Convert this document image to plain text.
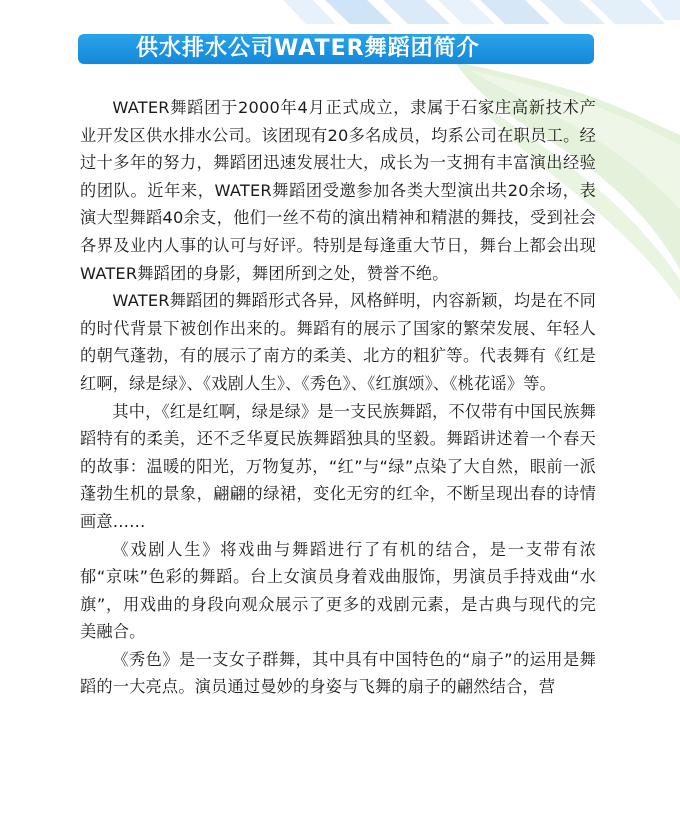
供水排水公司WATER舞蹈团简介

WATER舞蹈团于2000年4月正式成立，隶属于石家庄高新技术产业开发区供水排水公司。该团现有20多名成员，均系公司在职员工。经过十多年的努力，舞蹈团迅速发展壮大，成长为一支拥有丰富演出经验的团队。近年来，WATER舞蹈团受邀参加各类大型演出共20余场，表演大型舞蹈40余支，他们一丝不苟的演出精神和精湛的舞技，受到社会各界及业内人事的认可与好评。特别是每逢重大节日，舞台上都会出现WATER舞蹈团的身影，舞团所到之处，赞誉不绝。

WATER舞蹈团的舞蹈形式各异，风格鲜明，内容新颖，均是在不同的时代背景下被创作出来的。舞蹈有的展示了国家的繁荣发展、年轻人的朝气蓬勃，有的展示了南方的柔美、北方的粗犷等。代表舞有《红是红啊，绿是绿》、《戏剧人生》、《秀色》、《红旗颂》、《桃花谣》等。

其中，《红是红啊，绿是绿》是一支民族舞蹈，不仅带有中国民族舞蹈特有的柔美，还不乏华夏民族舞蹈独具的坚毅。舞蹈讲述着一个春天的故事：温暖的阳光，万物复苏，“红”与“绿”点染了大自然，眼前一派蓬勃生机的景象，翩翩的绿裙，变化无穷的红伞，不断呈现出春的诗情画意……

《戏剧人生》将戏曲与舞蹈进行了有机的结合，是一支带有浓郁“京味”色彩的舞蹈。台上女演员身着戏曲服饰，男演员手持戏曲“水旗”，用戏曲的身段向观众展示了更多的戏剧元素，是古典与现代的完美融合。

《秀色》是一支女子群舞，其中具有中国特色的“扇子”的运用是舞蹈的一大亮点。演员通过曼妙的身姿与飞舞的扇子的翩然结合，营
